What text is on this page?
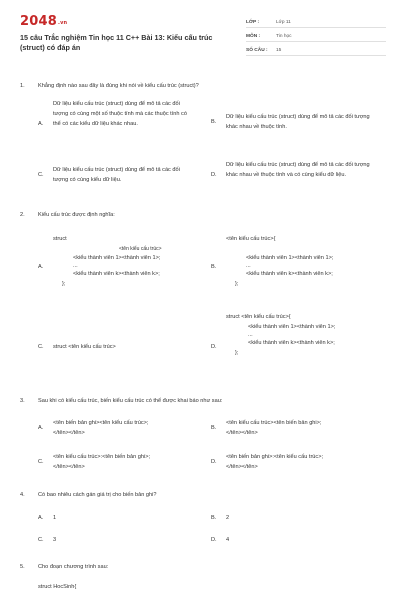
2048.vn
15 câu Trắc nghiệm Tin học 11 C++ Bài 13: Kiểu cấu trúc (struct) có đáp án
LỚP :	Lớp 11
MÔN :	Tin học
SỐ CÂU :	15
1.	Khẳng định nào sau đây là đúng khi nói về kiểu cấu trúc (struct)?
A.
Dữ liệu kiểu cấu trúc (struct) dùng để mô tả các đối tượng có cùng một số thuộc tính mà các thuộc tính có thể có các kiểu dữ liệu khác nhau.	B.
Dữ liệu kiểu cấu trúc (struct) dùng để mô tả các đối tượng khác nhau về thuộc tính.
C.
Dữ liệu kiểu cấu trúc (struct) dùng để mô tả các đối tượng có cùng kiểu dữ liệu.
D.
Dữ liệu kiểu cấu trúc (struct) dùng để mô tả các đối tượng khác nhau về thuộc tính và có cùng kiểu dữ liệu.
2.	Kiểu cấu trúc được định nghĩa:
A.

struct

<tên kiểu cấu trúc>

<kiểu thành viên 1><thành viên 1>;

...

<kiểu thành viên k><thành viên k>;

};

B.

<tên kiểu cấu trúc>{

<kiểu thành viên 1><thành viên 1>;

...

<kiểu thành viên k><thành viên k>;

};

C.	struct <tên kiểu cấu trúc>	D.

struct <tên kiểu cấu trúc>{

<kiểu thành viên 1><thành viên 1>;

...

<kiểu thành viên k><thành viên k>;

};

3.	Sau khi có kiểu cấu trúc, biến kiểu cấu trúc có thể được khai báo như sau:
A.

<tên biến bản ghi><tên kiểu cấu trúc>;

</tên></tên>

B.

<tên kiểu cấu trúc><tên biến bản ghi>;

</tên></tên>

C.

<tên kiểu cấu trúc>:<tên biến bản ghi>;

</tên></tên>

D.

<tên biến bản ghi>:<tên kiểu cấu trúc>;

</tên></tên>

4.	Có bao nhiêu cách gán giá trị cho biến bản ghi?
A.	1	B.	2
C.	3	D.	4
5.	Cho đoạn chương trình sau:
struct HocSinh{
